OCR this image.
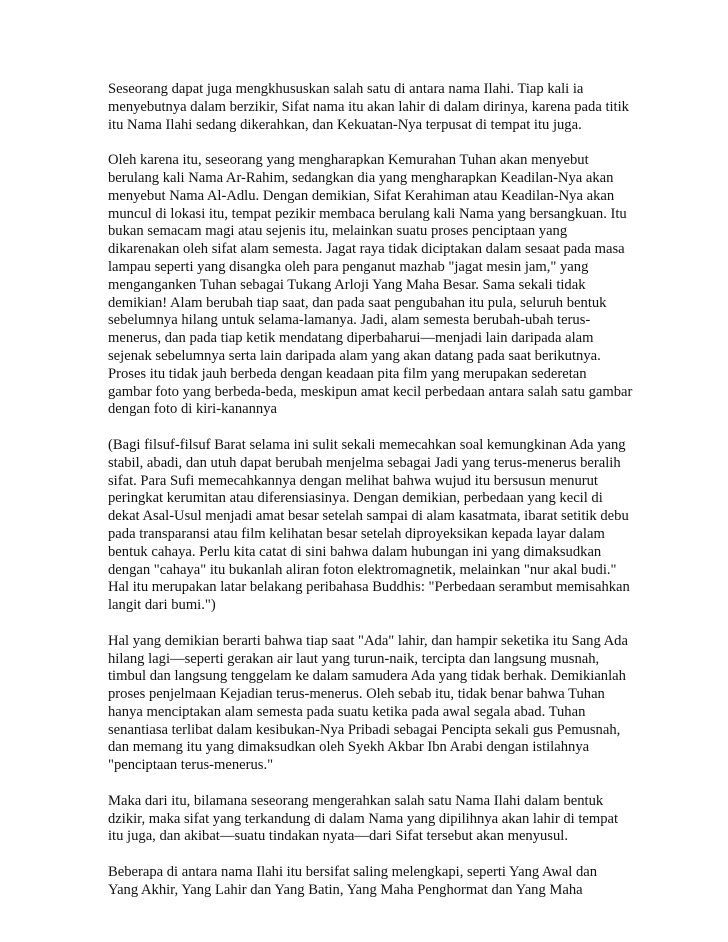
Seseorang dapat juga mengkhususkan salah satu di antara nama Ilahi. Tiap kali ia
menyebutnya dalam berzikir, Sifat nama itu akan lahir di dalam dirinya, karena pada titik
itu Nama Ilahi sedang dikerahkan, dan Kekuatan-Nya terpusat di tempat itu juga.

Oleh karena itu, seseorang yang mengharapkan Kemurahan Tuhan akan menyebut
berulang kali Nama Ar-Rahim, sedangkan dia yang mengharapkan Keadilan-Nya akan
menyebut Nama Al-Adlu. Dengan demikian, Sifat Kerahiman atau Keadilan-Nya akan
muncul di lokasi itu, tempat pezikir membaca berulang kali Nama yang bersangkuan. Itu
bukan semacam magi atau sejenis itu, melainkan suatu proses penciptaan yang
dikarenakan oleh sifat alam semesta. Jagat raya tidak diciptakan dalam sesaat pada masa
lampau seperti yang disangka oleh para penganut mazhab "jagat mesin jam," yang
menganganken Tuhan sebagai Tukang Arloji Yang Maha Besar. Sama sekali tidak
demikian! Alam berubah tiap saat, dan pada saat pengubahan itu pula, seluruh bentuk
sebelumnya hilang untuk selama-lamanya. Jadi, alam semesta berubah-ubah terus-
menerus, dan pada tiap ketik mendatang diperbaharui—menjadi lain daripada alam
sejenak sebelumnya serta lain daripada alam yang akan datang pada saat berikutnya.
Proses itu tidak jauh berbeda dengan keadaan pita film yang merupakan sederetan
gambar foto yang berbeda-beda, meskipun amat kecil perbedaan antara salah satu gambar
dengan foto di kiri-kanannya

(Bagi filsuf-filsuf Barat selama ini sulit sekali memecahkan soal kemungkinan Ada yang
stabil, abadi, dan utuh dapat berubah menjelma sebagai Jadi yang terus-menerus beralih
sifat. Para Sufi memecahkannya dengan melihat bahwa wujud itu bersusun menurut
peringkat kerumitan atau diferensiasinya. Dengan demikian, perbedaan yang kecil di
dekat Asal-Usul menjadi amat besar setelah sampai di alam kasatmata, ibarat setitik debu
pada transparansi atau film kelihatan besar setelah diproyeksikan kepada layar dalam
bentuk cahaya. Perlu kita catat di sini bahwa dalam hubungan ini yang dimaksudkan
dengan "cahaya" itu bukanlah aliran foton elektromagnetik, melainkan "nur akal budi."
Hal itu merupakan latar belakang peribahasa Buddhis: "Perbedaan serambut memisahkan
langit dari bumi.")

Hal yang demikian berarti bahwa tiap saat "Ada" lahir, dan hampir seketika itu Sang Ada
hilang lagi—seperti gerakan air laut yang turun-naik, tercipta dan langsung musnah,
timbul dan langsung tenggelam ke dalam samudera Ada yang tidak berhak. Demikianlah
proses penjelmaan Kejadian terus-menerus. Oleh sebab itu, tidak benar bahwa Tuhan
hanya menciptakan alam semesta pada suatu ketika pada awal segala abad. Tuhan
senantiasa terlibat dalam kesibukan-Nya Pribadi sebagai Pencipta sekali gus Pemusnah,
dan memang itu yang dimaksudkan oleh Syekh Akbar Ibn Arabi dengan istilahnya
"penciptaan terus-menerus."

Maka dari itu, bilamana seseorang mengerahkan salah satu Nama Ilahi dalam bentuk
dzikir, maka sifat yang terkandung di dalam Nama yang dipilihnya akan lahir di tempat
itu juga, dan akibat—suatu tindakan nyata—dari Sifat tersebut akan menyusul.

Beberapa di antara nama Ilahi itu bersifat saling melengkapi, seperti Yang Awal dan
Yang Akhir, Yang Lahir dan Yang Batin, Yang Maha Penghormat dan Yang Maha
